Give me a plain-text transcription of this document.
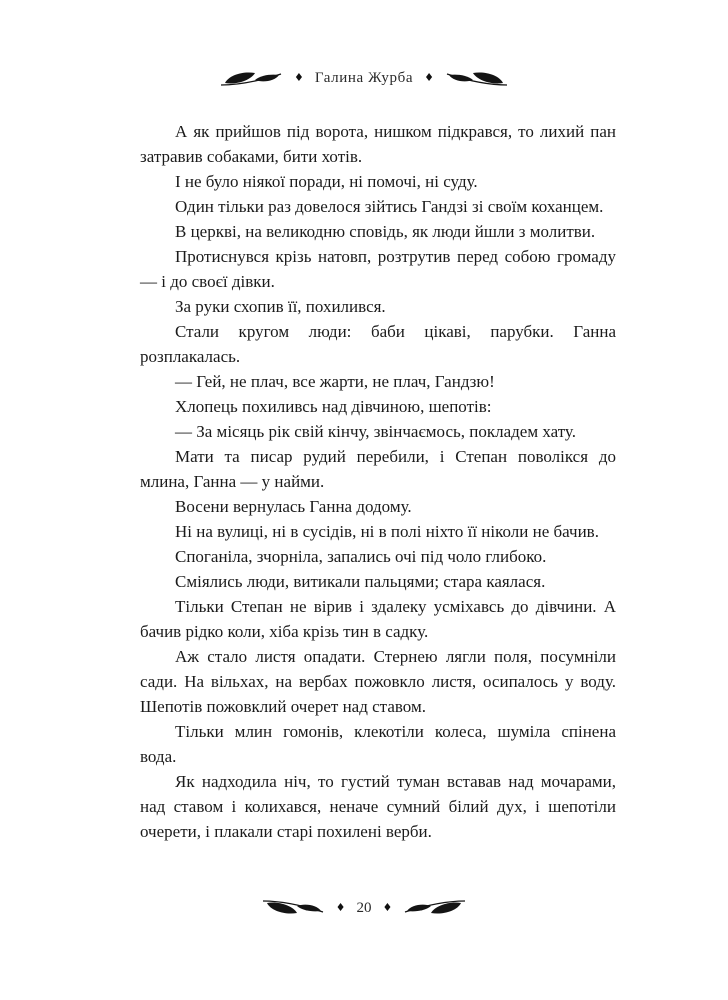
♦ Галина Журба ♦

А як прийшов під ворота, нишком підкрався, то лихий пан затравив собаками, бити хотів.

І не було ніякої поради, ні помочі, ні суду.

Один тільки раз довелося зійтись Гандзі зі своїм коханцем.

В церкві, на великодню сповідь, як люди йшли з молитви.

Протиснувся крізь натовп, розтрутив перед собою громаду — і до своєї дівки.

За руки схопив її, похилився.

Стали кругом люди: баби цікаві, парубки. Ганна розплакалась.

— Гей, не плач, все жарти, не плач, Гандзю!

Хлопець похиливсь над дівчиною, шепотів:

— За місяць рік свій кінчу, звінчаємось, покладем хату.

Мати та писар рудий перебили, і Степан поволікся до млина, Ганна — у найми.

Восени вернулась Ганна додому.

Ні на вулиці, ні в сусідів, ні в полі ніхто її ніколи не бачив.

Споганіла, зчорніла, запались очі під чоло глибоко.

Сміялись люди, витикали пальцями; стара каялася.

Тільки Степан не вірив і здалеку усміхавсь до дівчини. А бачив рідко коли, хіба крізь тин в садку.

Аж стало листя опадати. Стернею лягли поля, посумніли сади. На вільхах, на вербах пожовкло листя, осипалось у воду. Шепотів пожовклий очерет над ставом.

Тільки млин гомонів, клекотіли колеса, шуміла спінена вода.

Як надходила ніч, то густий туман вставав над мочарами, над ставом і колихався, неначе сумний білий дух, і шепотіли очерети, і плакали старі похилені верби.

♦ 20 ♦
